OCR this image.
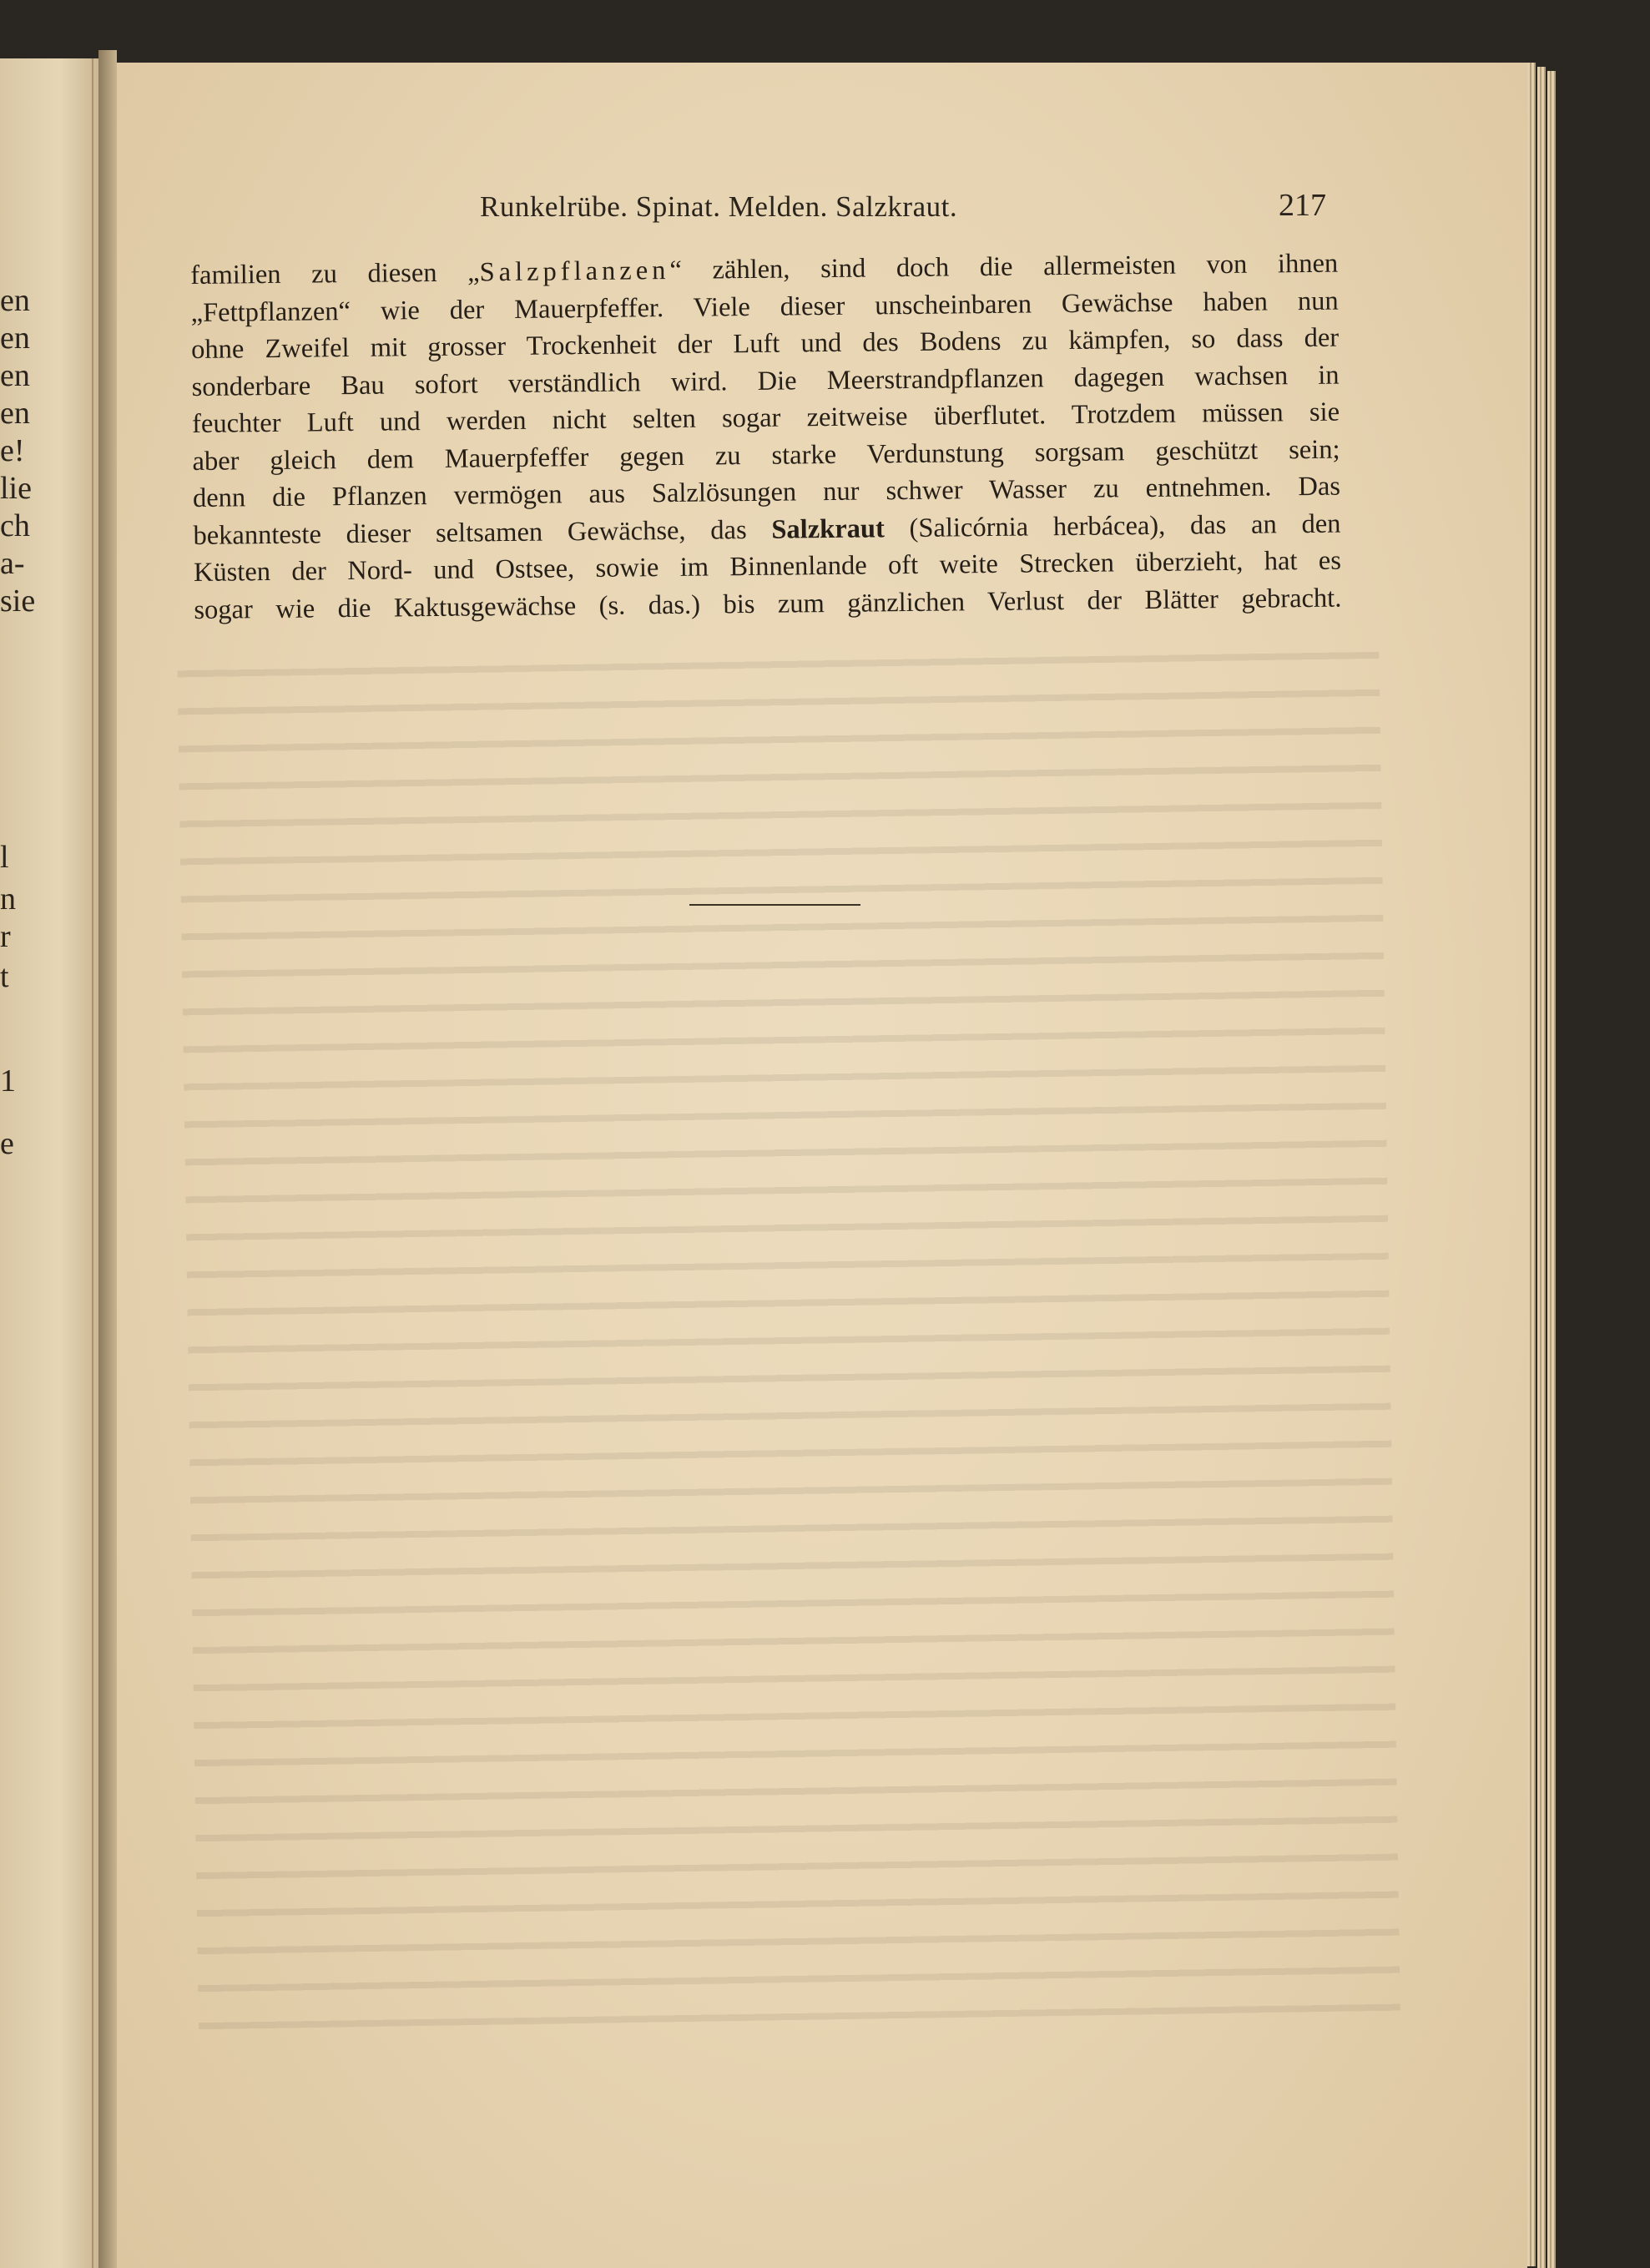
en
en
en
en
e!
lie
ch
a-
sie
l
n
r
t
1
e
Runkelrübe. Spinat. Melden. Salzkraut.	217
familien zu diesen „Salzpflanzen“ zählen, sind doch die allermeisten von ihnen
„Fettpflanzen“ wie der Mauerpfeffer. Viele dieser unscheinbaren Gewächse haben nun
ohne Zweifel mit grosser Trockenheit der Luft und des Bodens zu kämpfen, so dass der
sonderbare Bau sofort verständlich wird. Die Meerstrandpflanzen dagegen wachsen in
feuchter Luft und werden nicht selten sogar zeitweise überflutet. Trotzdem müssen sie
aber gleich dem Mauerpfeffer gegen zu starke Verdunstung sorgsam geschützt sein;
denn die Pflanzen vermögen aus Salzlösungen nur schwer Wasser zu entnehmen. Das
bekannteste dieser seltsamen Gewächse, das Salzkraut (Salicórnia herbácea), das an den
Küsten der Nord- und Ostsee, sowie im Binnenlande oft weite Strecken überzieht, hat es
sogar wie die Kaktusgewächse (s. das.) bis zum gänzlichen Verlust der Blätter gebracht.
